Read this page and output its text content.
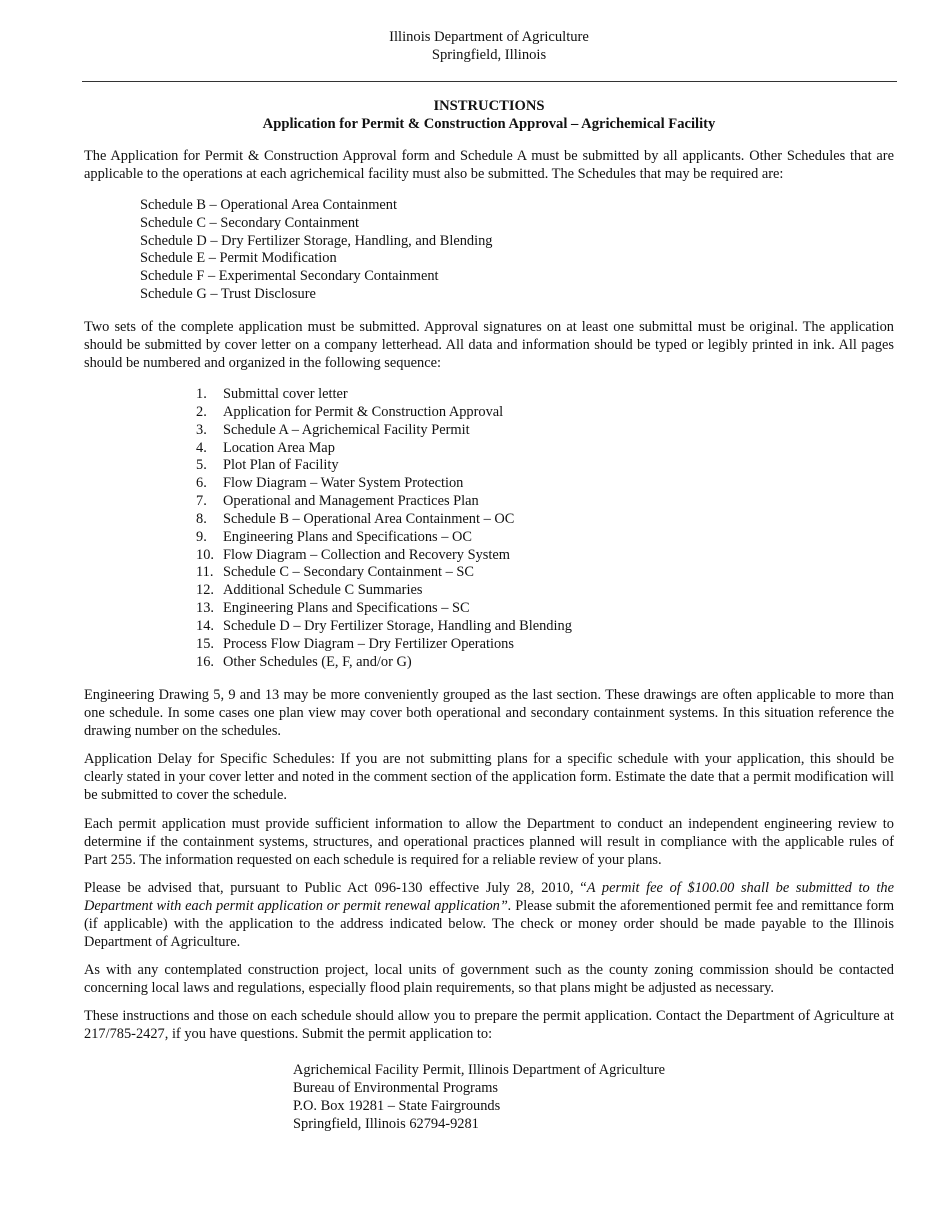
Illinois Department of Agriculture
Springfield, Illinois
INSTRUCTIONS
Application for Permit & Construction Approval – Agrichemical Facility

The Application for Permit & Construction Approval form and Schedule A must be submitted by all applicants. Other Schedules that are applicable to the operations at each agrichemical facility must also be submitted. The Schedules that may be required are:

Schedule B – Operational Area Containment
Schedule C – Secondary Containment
Schedule D – Dry Fertilizer Storage, Handling, and Blending
Schedule E – Permit Modification
Schedule F – Experimental Secondary Containment
Schedule G – Trust Disclosure

Two sets of the complete application must be submitted. Approval signatures on at least one submittal must be original. The application should be submitted by cover letter on a company letterhead. All data and information should be typed or legibly printed in ink. All pages should be numbered and organized in the following sequence:

1. Submittal cover letter
2. Application for Permit & Construction Approval
3. Schedule A – Agrichemical Facility Permit
4. Location Area Map
5. Plot Plan of Facility
6. Flow Diagram – Water System Protection
7. Operational and Management Practices Plan
8. Schedule B – Operational Area Containment – OC
9. Engineering Plans and Specifications – OC
10. Flow Diagram – Collection and Recovery System
11. Schedule C – Secondary Containment – SC
12. Additional Schedule C Summaries
13. Engineering Plans and Specifications – SC
14. Schedule D – Dry Fertilizer Storage, Handling and Blending
15. Process Flow Diagram – Dry Fertilizer Operations
16. Other Schedules (E, F, and/or G)

Engineering Drawing 5, 9 and 13 may be more conveniently grouped as the last section. These drawings are often applicable to more than one schedule. In some cases one plan view may cover both operational and secondary containment systems. In this situation reference the drawing number on the schedules.

Application Delay for Specific Schedules: If you are not submitting plans for a specific schedule with your application, this should be clearly stated in your cover letter and noted in the comment section of the application form. Estimate the date that a permit modification will be submitted to cover the schedule.

Each permit application must provide sufficient information to allow the Department to conduct an independent engineering review to determine if the containment systems, structures, and operational practices planned will result in compliance with the applicable rules of Part 255. The information requested on each schedule is required for a reliable review of your plans.

Please be advised that, pursuant to Public Act 096-130 effective July 28, 2010, “A permit fee of $100.00 shall be submitted to the Department with each permit application or permit renewal application”. Please submit the aforementioned permit fee and remittance form (if applicable) with the application to the address indicated below. The check or money order should be made payable to the Illinois Department of Agriculture.

As with any contemplated construction project, local units of government such as the county zoning commission should be contacted concerning local laws and regulations, especially flood plain requirements, so that plans might be adjusted as necessary.

These instructions and those on each schedule should allow you to prepare the permit application. Contact the Department of Agriculture at 217/785-2427, if you have questions. Submit the permit application to:

Agrichemical Facility Permit, Illinois Department of Agriculture
Bureau of Environmental Programs
P.O. Box 19281 – State Fairgrounds
Springfield, Illinois 62794-9281
